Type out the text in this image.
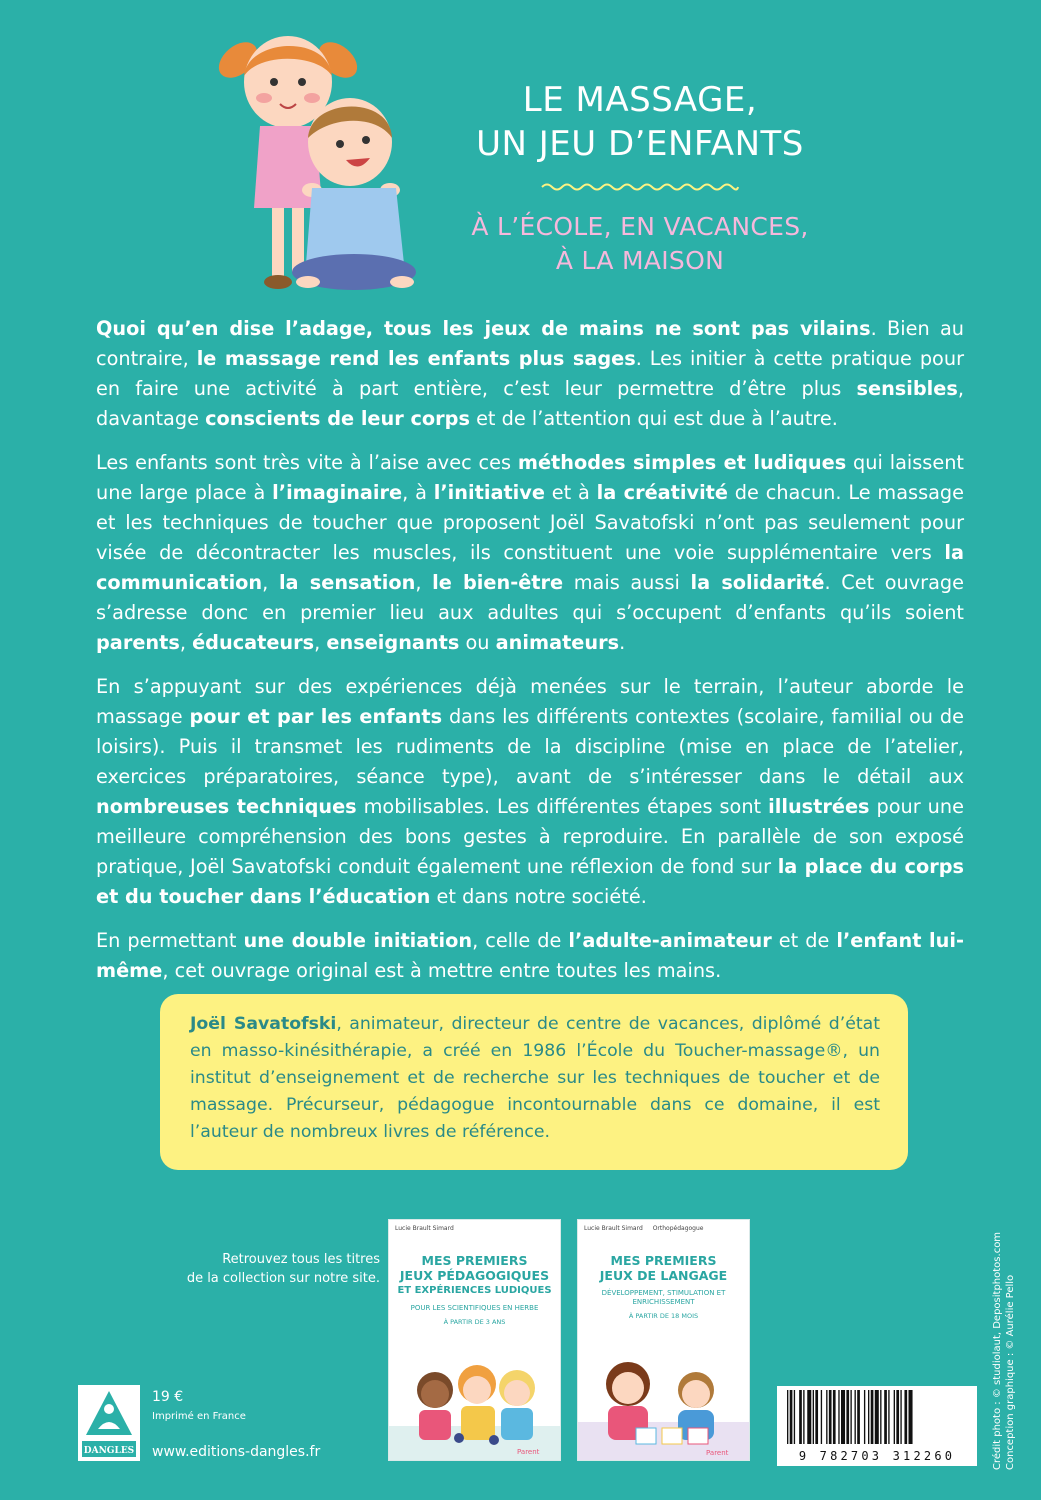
LE MASSAGE,
UN JEU D’ENFANTS
À L’ÉCOLE, EN VACANCES,
À LA MAISON

Quoi qu’en dise l’adage, tous les jeux de mains ne sont pas vilains. Bien au contraire, le massage rend les enfants plus sages. Les initier à cette pratique pour en faire une activité à part entière, c’est leur permettre d’être plus sensibles, davantage conscients de leur corps et de l’attention qui est due à l’autre.

Les enfants sont très vite à l’aise avec ces méthodes simples et ludiques qui laissent une large place à l’imaginaire, à l’initiative et à la créativité de chacun. Le massage et les techniques de toucher que proposent Joël Savatofski n’ont pas seulement pour visée de décontracter les muscles, ils constituent une voie supplémentaire vers la communication, la sensation, le bien-être mais aussi la solidarité. Cet ouvrage s’adresse donc en premier lieu aux adultes qui s’occupent d’enfants qu’ils soient parents, éducateurs, enseignants ou animateurs.

En s’appuyant sur des expériences déjà menées sur le terrain, l’auteur aborde le massage pour et par les enfants dans les différents contextes (scolaire, familial ou de loisirs). Puis il transmet les rudiments de la discipline (mise en place de l’atelier, exercices préparatoires, séance type), avant de s’intéresser dans le détail aux nombreuses techniques mobilisables. Les différentes étapes sont illustrées pour une meilleure compréhension des bons gestes à reproduire. En parallèle de son exposé pratique, Joël Savatofski conduit également une réflexion de fond sur la place du corps et du toucher dans l’éducation et dans notre société.

En permettant une double initiation, celle de l’adulte-animateur et de l’enfant lui-même, cet ouvrage original est à mettre entre toutes les mains.

Joël Savatofski, animateur, directeur de centre de vacances, diplômé d’état en masso-kinésithérapie, a créé en 1986 l’École du Toucher-massage®, un institut d’enseignement et de recherche sur les techniques de toucher et de massage. Précurseur, pédagogue incontournable dans ce domaine, il est l’auteur de nombreux livres de référence.

Retrouvez tous les titres
de la collection sur notre site.
Lucie Brault Simard
MES PREMIERS
JEUX PÉDAGOGIQUES
ET EXPÉRIENCES LUDIQUES
POUR LES SCIENTIFIQUES EN HERBE
À PARTIR DE 3 ANS
Parent
Lucie Brault Simard Orthopédagogue
MES PREMIERS
JEUX DE LANGAGE
DÉVELOPPEMENT, STIMULATION ET ENRICHISSEMENT
À PARTIR DE 18 MOIS
Parent
DANGLES
19 €
Imprimé en France
www.editions-dangles.fr	9 782703 312260	Crédit photo : © studiolaut, Depositphotos.com Conception graphique : © Aurélie Pello
